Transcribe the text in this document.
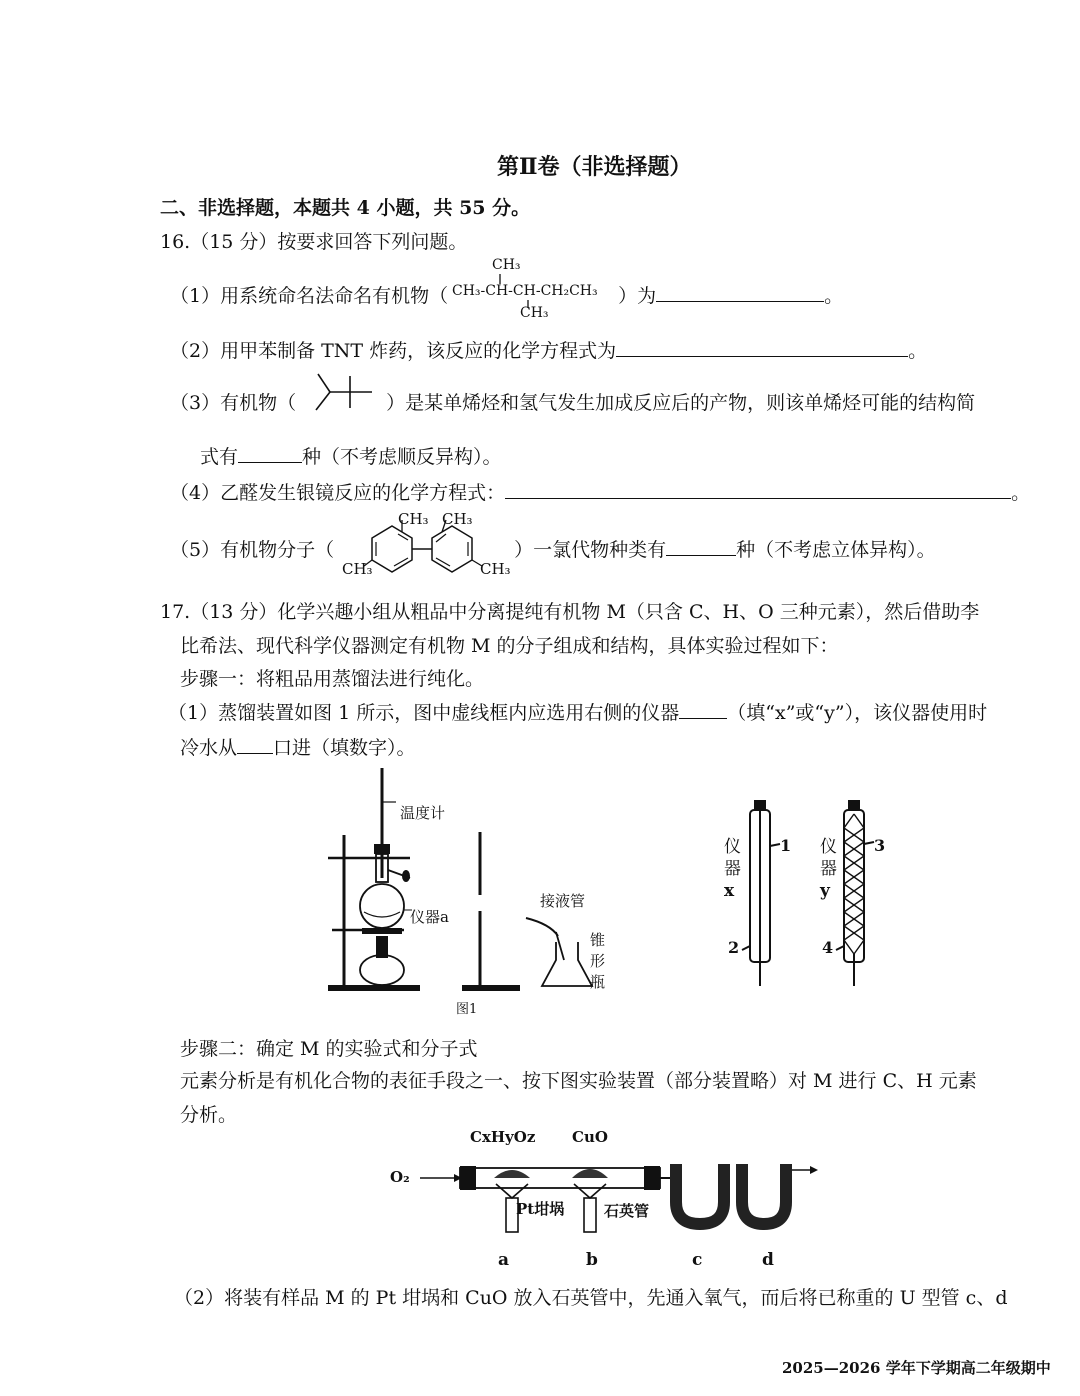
第Ⅱ卷（非选择题）
二、非选择题，本题共 4 小题，共 55 分。
16.（15 分）按要求回答下列问题。
（1）用系统命名法命名有机物（	）为	。
CH₃
CH₃-CH-CH-CH₂CH₃
CH₃
（2）用甲苯制备 TNT 炸药，该反应的化学方程式为	。
（3）有机物（	）是某单烯烃和氢气发生加成反应后的产物，则该单烯烃可能的结构简
式有	种（不考虑顺反异构）。
（4）乙醛发生银镜反应的化学方程式：	。
（5）有机物分子（	）一氯代物种类有	种（不考虑立体异构）。
CH₃ CH₃
CH₃	CH₃
17.（13 分）化学兴趣小组从粗品中分离提纯有机物 M（只含 C、H、O 三种元素），然后借助李
比希法、现代科学仪器测定有机物 M 的分子组成和结构，具体实验过程如下：
步骤一：将粗品用蒸馏法进行纯化。
（1）蒸馏装置如图 1 所示，图中虚线框内应选用右侧的仪器	（填“x”或“y”），该仪器使用时
冷水从 口进（填数字）。
温度计
仪器a
接液管
锥
形
瓶
图1
仪
器
x
仪
器
y
1
2
3
4
步骤二：确定 M 的实验式和分子式
元素分析是有机化合物的表征手段之一、按下图实验装置（部分装置略）对 M 进行 C、H 元素
分析。
CxHyOz CuO
O₂
Pt坩埚	石英管
a	b	c	d
（2）将装有样品 M 的 Pt 坩埚和 CuO 放入石英管中，先通入氧气，而后将已称重的 U 型管 c、d
2025—2026 学年下学期高二年级期中
